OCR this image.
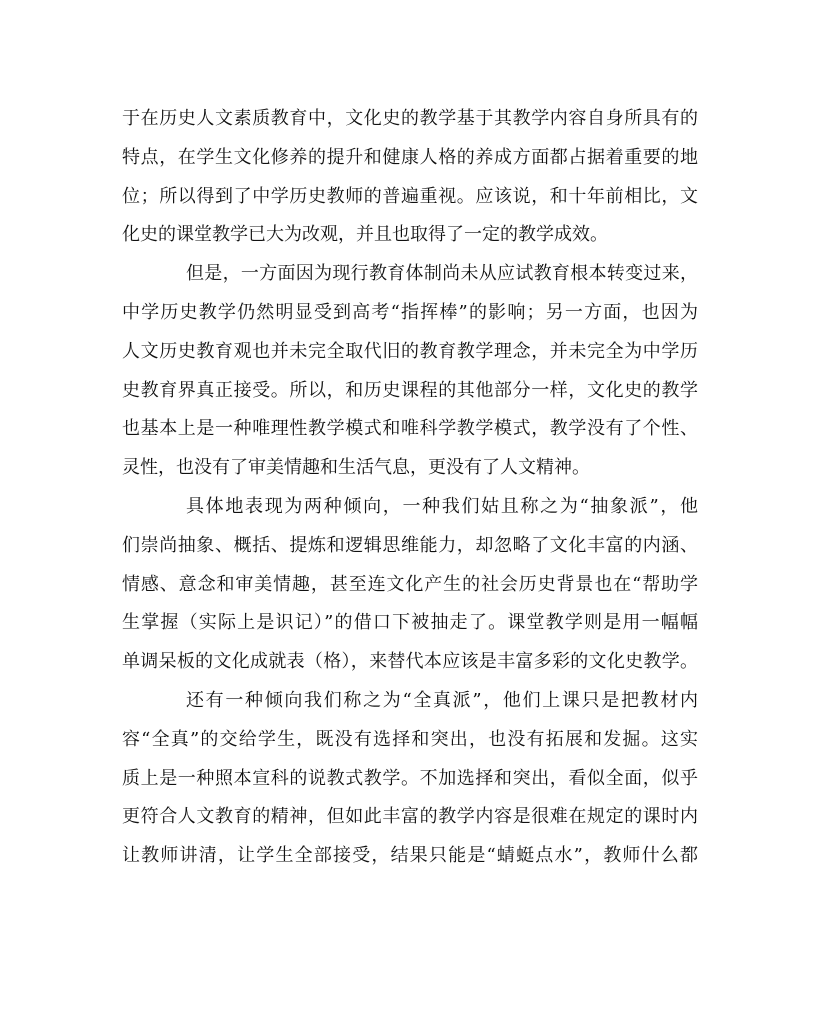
于在历史人文素质教育中，文化史的教学基于其教学内容自身所具有的
特点，在学生文化修养的提升和健康人格的养成方面都占据着重要的地
位；所以得到了中学历史教师的普遍重视。应该说，和十年前相比，文
化史的课堂教学已大为改观，并且也取得了一定的教学成效。
但是，一方面因为现行教育体制尚未从应试教育根本转变过来，
中学历史教学仍然明显受到高考“指挥棒”的影响；另一方面，也因为
人文历史教育观也并未完全取代旧的教育教学理念，并未完全为中学历
史教育界真正接受。所以，和历史课程的其他部分一样，文化史的教学
也基本上是一种唯理性教学模式和唯科学教学模式，教学没有了个性、
灵性，也没有了审美情趣和生活气息，更没有了人文精神。
具体地表现为两种倾向，一种我们姑且称之为“抽象派”，他
们崇尚抽象、概括、提炼和逻辑思维能力，却忽略了文化丰富的内涵、
情感、意念和审美情趣，甚至连文化产生的社会历史背景也在“帮助学
生掌握（实际上是识记）”的借口下被抽走了。课堂教学则是用一幅幅
单调呆板的文化成就表（格），来替代本应该是丰富多彩的文化史教学。
还有一种倾向我们称之为“全真派”，他们上课只是把教材内
容“全真”的交给学生，既没有选择和突出，也没有拓展和发掘。这实
质上是一种照本宣科的说教式教学。不加选择和突出，看似全面，似乎
更符合人文教育的精神，但如此丰富的教学内容是很难在规定的课时内
让教师讲清，让学生全部接受，结果只能是“蜻蜓点水”，教师什么都
